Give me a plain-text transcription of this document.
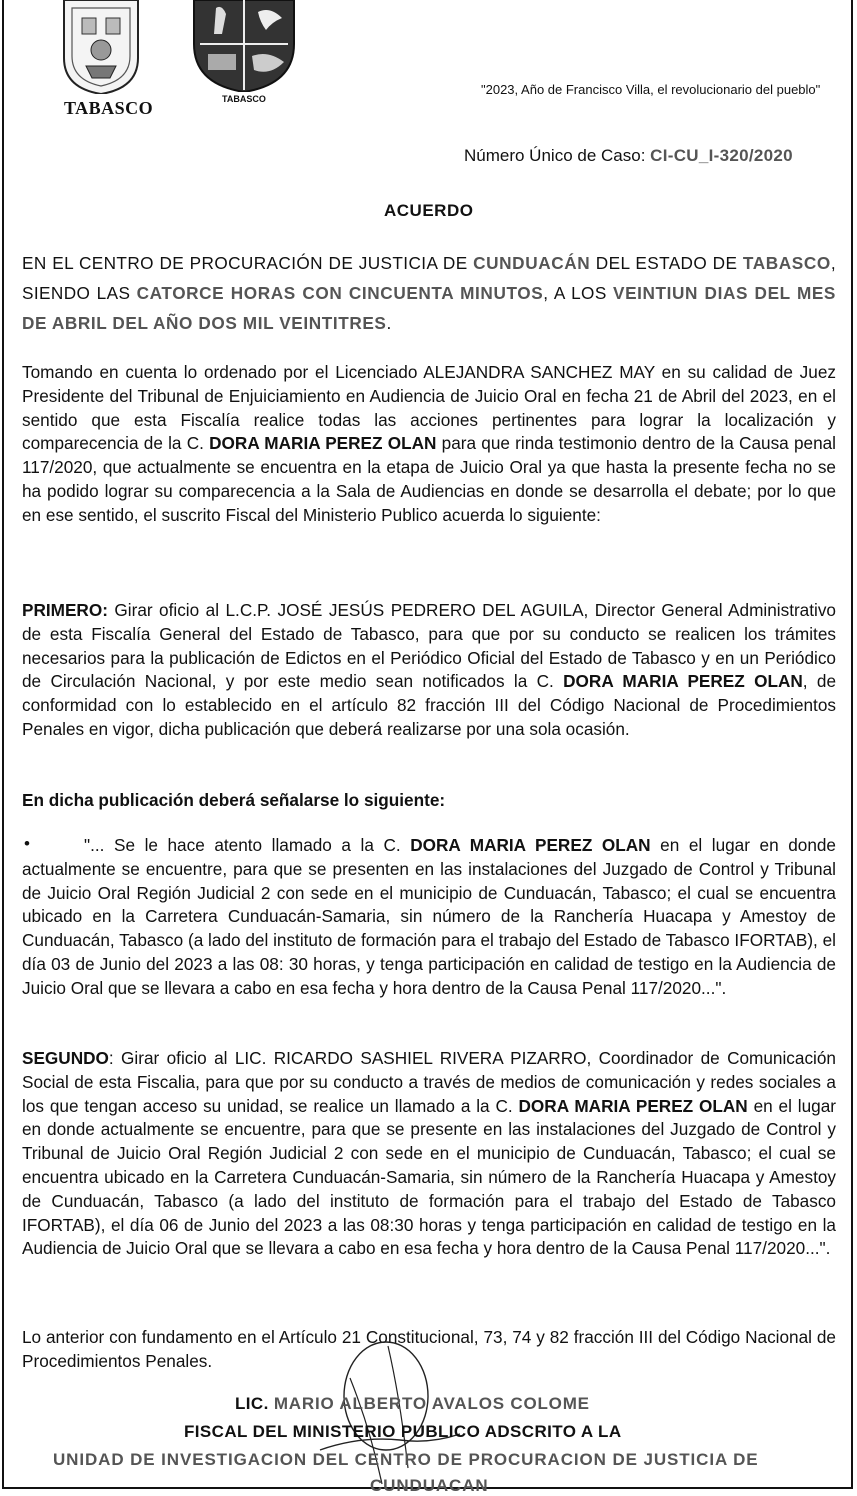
TABASCO	TABASCO
"2023, Año de Francisco Villa, el revolucionario del pueblo"
Número Único de Caso: CI-CU_I-320/2020
ACUERDO
EN EL CENTRO DE PROCURACIÓN DE JUSTICIA DE CUNDUACÁN DEL ESTADO DE TABASCO, SIENDO LAS CATORCE HORAS CON CINCUENTA MINUTOS, A LOS VEINTIUN DIAS DEL MES DE ABRIL DEL AÑO DOS MIL VEINTITRES.
Tomando en cuenta lo ordenado por el Licenciado ALEJANDRA SANCHEZ MAY en su calidad de Juez Presidente del Tribunal de Enjuiciamiento en Audiencia de Juicio Oral en fecha 21 de Abril del 2023, en el sentido que esta Fiscalía realice todas las acciones pertinentes para lograr la localización y comparecencia de la C. DORA MARIA PEREZ OLAN para que rinda testimonio dentro de la Causa penal 117/2020, que actualmente se encuentra en la etapa de Juicio Oral ya que hasta la presente fecha no se ha podido lograr su comparecencia a la Sala de Audiencias en donde se desarrolla el debate; por lo que en ese sentido, el suscrito Fiscal del Ministerio Publico acuerda lo siguiente:
PRIMERO: Girar oficio al L.C.P. JOSÉ JESÚS PEDRERO DEL AGUILA, Director General Administrativo de esta Fiscalía General del Estado de Tabasco, para que por su conducto se realicen los trámites necesarios para la publicación de Edictos en el Periódico Oficial del Estado de Tabasco y en un Periódico de Circulación Nacional, y por este medio sean notificados la C. DORA MARIA PEREZ OLAN, de conformidad con lo establecido en el artículo 82 fracción III del Código Nacional de Procedimientos Penales en vigor, dicha publicación que deberá realizarse por una sola ocasión.
En dicha publicación deberá señalarse lo siguiente:
•	"... Se le hace atento llamado a la C. DORA MARIA PEREZ OLAN en el lugar en donde actualmente se encuentre, para que se presenten en las instalaciones del Juzgado de Control y Tribunal de Juicio Oral Región Judicial 2 con sede en el municipio de Cunduacán, Tabasco; el cual se encuentra ubicado en la Carretera Cunduacán-Samaria, sin número de la Ranchería Huacapa y Amestoy de Cunduacán, Tabasco (a lado del instituto de formación para el trabajo del Estado de Tabasco IFORTAB), el día 03 de Junio del 2023 a las 08: 30 horas, y tenga participación en calidad de testigo en la Audiencia de Juicio Oral que se llevara a cabo en esa fecha y hora dentro de la Causa Penal 117/2020...".
SEGUNDO: Girar oficio al LIC. RICARDO SASHIEL RIVERA PIZARRO, Coordinador de Comunicación Social de esta Fiscalia, para que por su conducto a través de medios de comunicación y redes sociales a los que tengan acceso su unidad, se realice un llamado a la C. DORA MARIA PEREZ OLAN en el lugar en donde actualmente se encuentre, para que se presente en las instalaciones del Juzgado de Control y Tribunal de Juicio Oral Región Judicial 2 con sede en el municipio de Cunduacán, Tabasco; el cual se encuentra ubicado en la Carretera Cunduacán-Samaria, sin número de la Ranchería Huacapa y Amestoy de Cunduacán, Tabasco (a lado del instituto de formación para el trabajo del Estado de Tabasco IFORTAB), el día 06 de Junio del 2023 a las 08:30 horas y tenga participación en calidad de testigo en la Audiencia de Juicio Oral que se llevara a cabo en esa fecha y hora dentro de la Causa Penal 117/2020...".
Lo anterior con fundamento en el Artículo 21 Constitucional, 73, 74 y 82 fracción III del Código Nacional de Procedimientos Penales.
LIC. MARIO ALBERTO AVALOS COLOME
FISCAL DEL MINISTERIO PUBLICO ADSCRITO A LA
UNIDAD DE INVESTIGACION DEL CENTRO DE PROCURACION DE JUSTICIA DE
CUNDUACAN
